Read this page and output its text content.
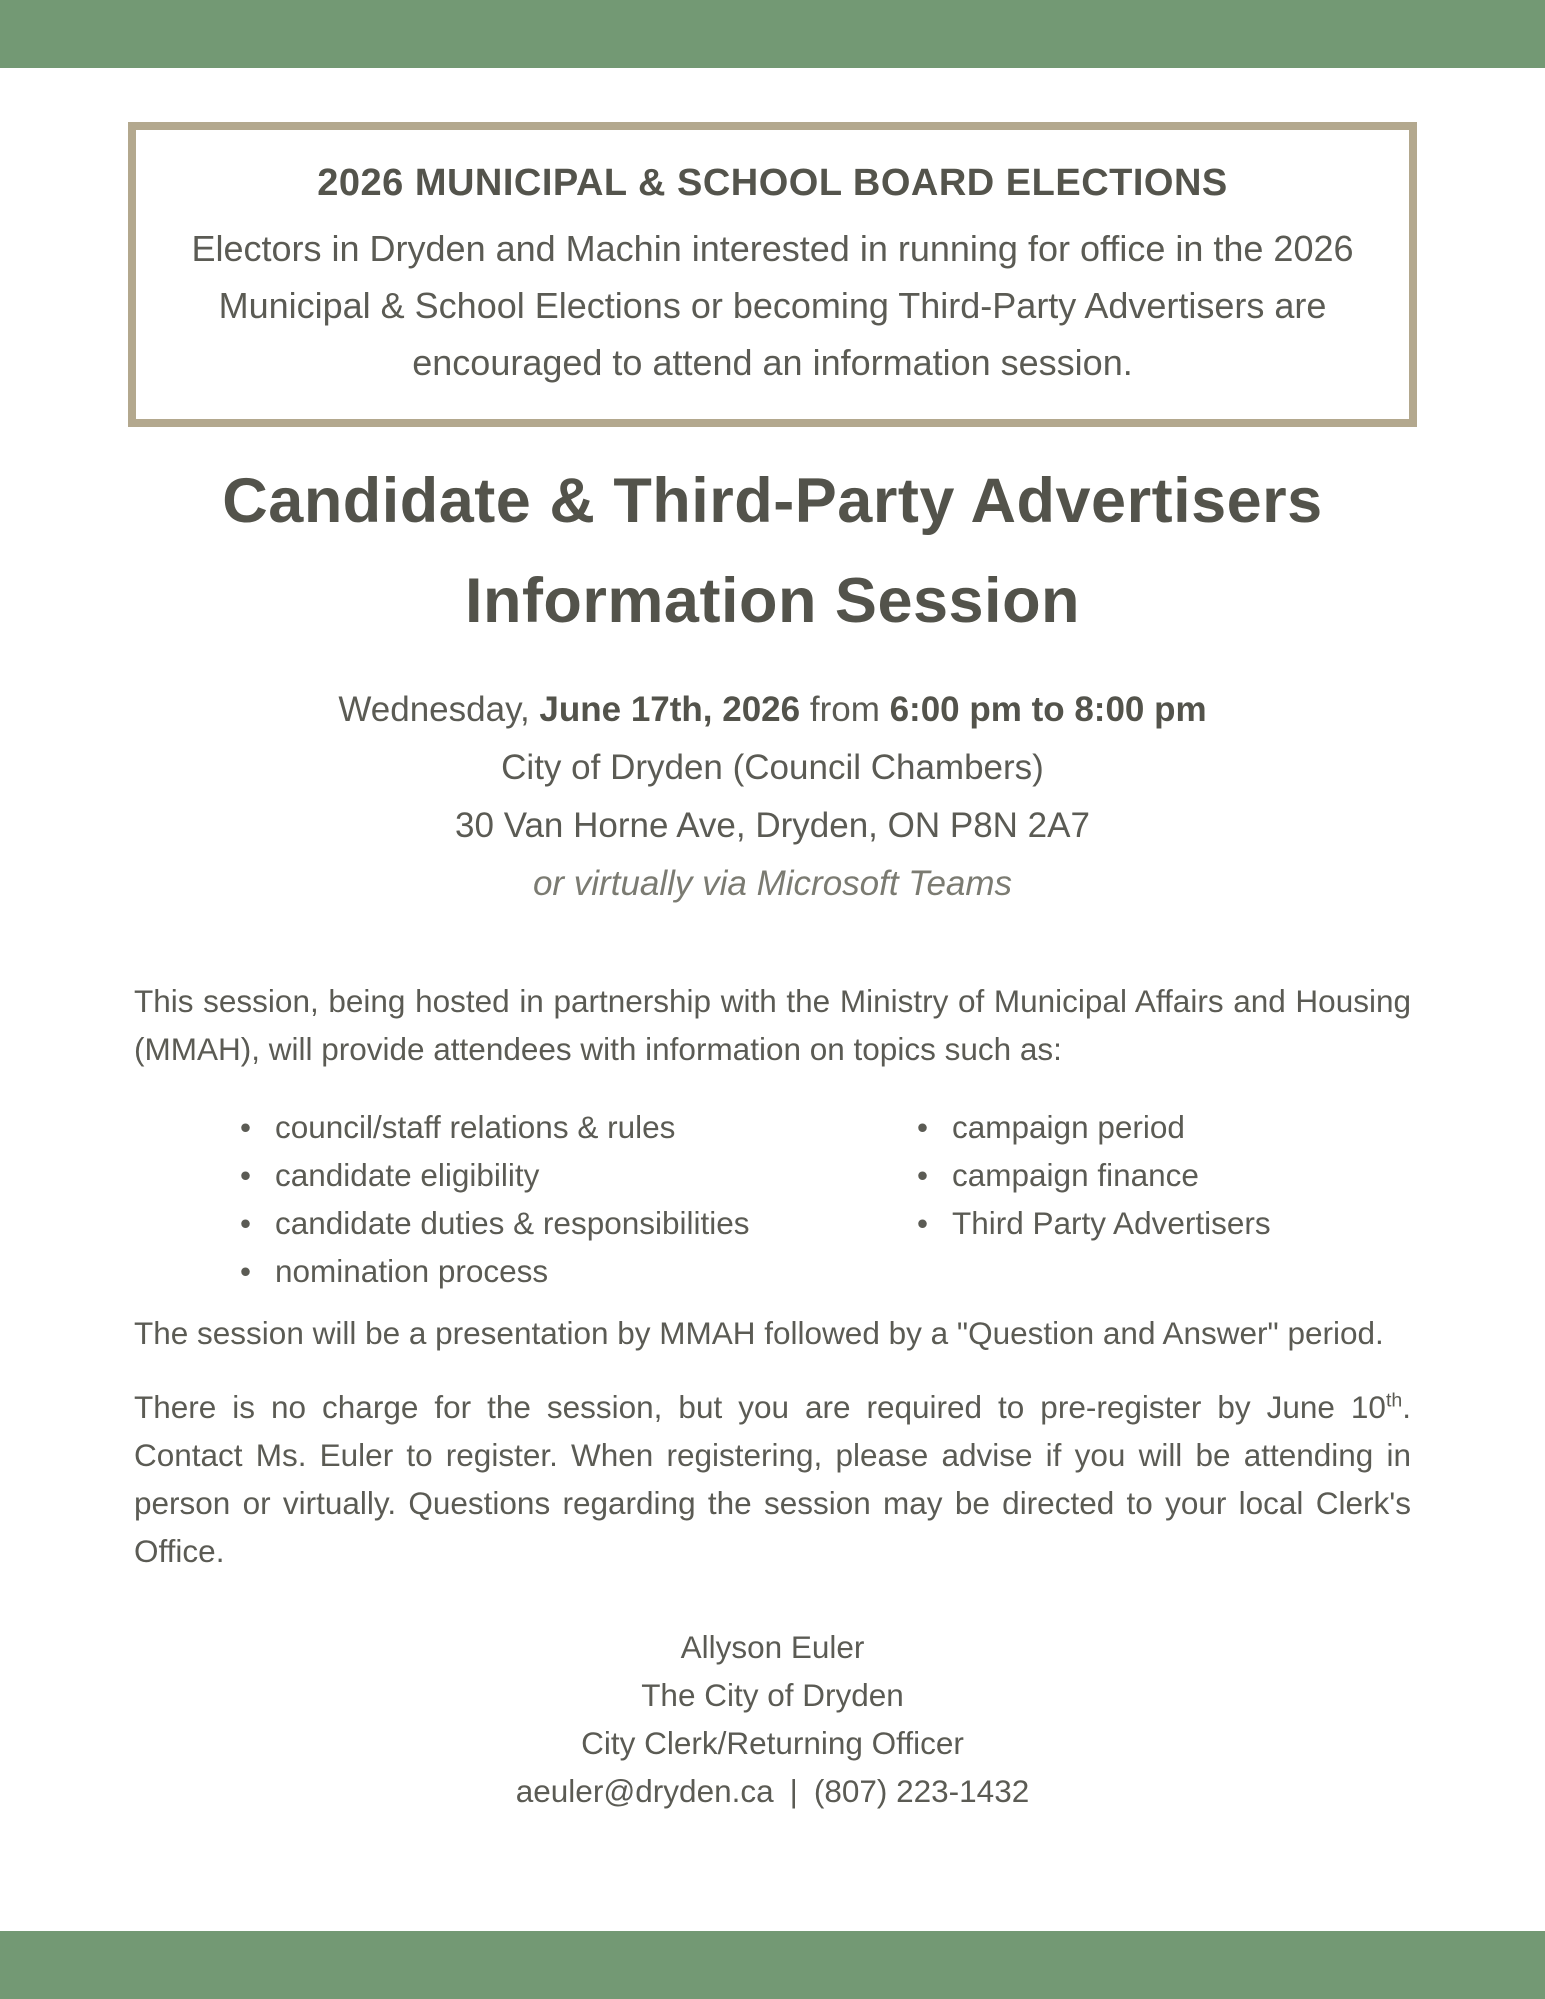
2026 MUNICIPAL & SCHOOL BOARD ELECTIONS

Electors in Dryden and Machin interested in running for office in the 2026 Municipal & School Elections or becoming Third-Party Advertisers are encouraged to attend an information session.

Candidate & Third-Party Advertisers
Information Session
Wednesday, June 17th, 2026 from 6:00 pm to 8:00 pm
City of Dryden (Council Chambers)
30 Van Horne Ave, Dryden, ON P8N 2A7
or virtually via Microsoft Teams

This session, being hosted in partnership with the Ministry of Municipal Affairs and Housing (MMAH), will provide attendees with information on topics such as:

• council/staff relations & rules
• candidate eligibility
• candidate duties & responsibilities
• nomination process
• campaign period
• campaign finance
• Third Party Advertisers

The session will be a presentation by MMAH followed by a "Question and Answer" period.

There is no charge for the session, but you are required to pre-register by June 10th. Contact Ms. Euler to register. When registering, please advise if you will be attending in person or virtually. Questions regarding the session may be directed to your local Clerk's Office.

Allyson Euler
The City of Dryden
City Clerk/Returning Officer
aeuler@dryden.ca | (807) 223-1432
